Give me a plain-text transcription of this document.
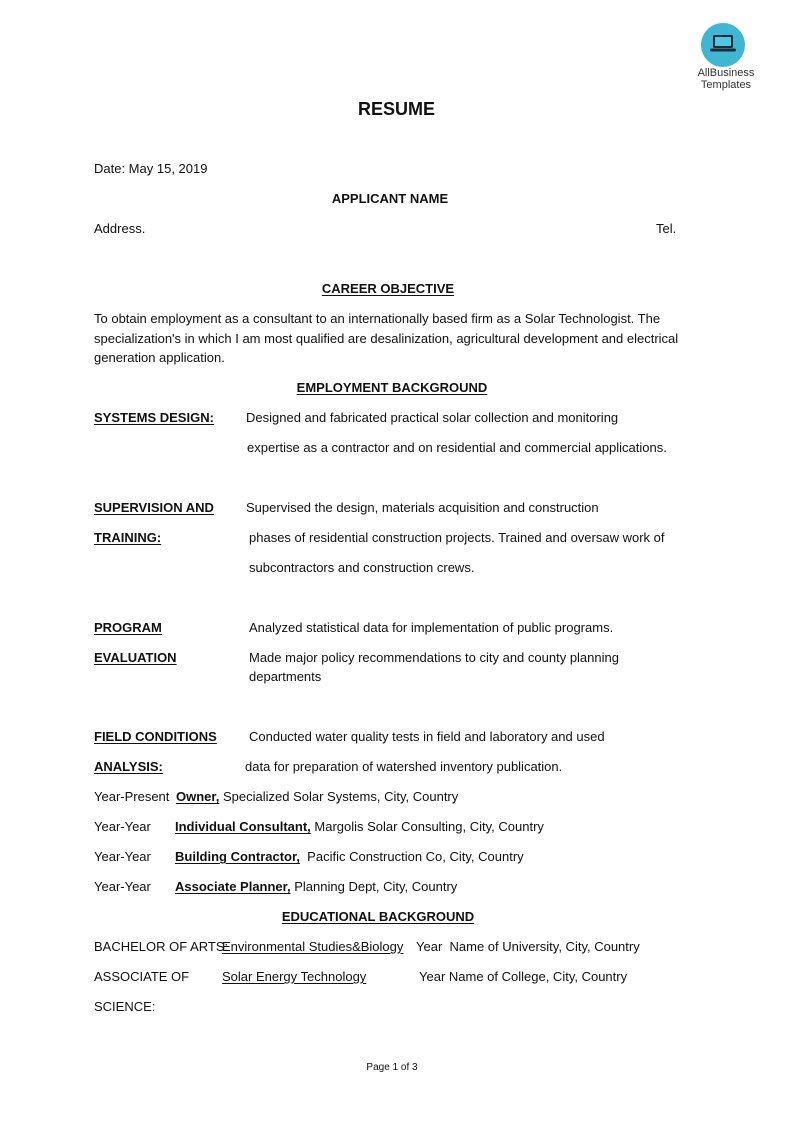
AllBusiness
Templates
RESUME
Date: May 15, 2019
APPLICANT NAME
Address.	Tel.
CAREER OBJECTIVE
To obtain employment as a consultant to an internationally based firm as a Solar Technologist. The specialization's in which I am most qualified are desalinization, agricultural development and electrical generation application.
EMPLOYMENT BACKGROUND
SYSTEMS DESIGN: Designed and fabricated practical solar collection and monitoring
expertise as a contractor and on residential and commercial applications.
SUPERVISION AND
TRAINING:
Supervised the design, materials acquisition and construction
phases of residential construction projects. Trained and oversaw work of
subcontractors and construction crews.
PROGRAM
EVALUATION
Analyzed statistical data for implementation of public programs.
Made major policy recommendations to city and county planning
departments
FIELD CONDITIONS
ANALYSIS:
Conducted water quality tests in field and laboratory and used
data for preparation of watershed inventory publication.
Year-Present Owner, Specialized Solar Systems, City, Country
Year-Year Individual Consultant, Margolis Solar Consulting, City, Country
Year-Year Building Contractor,  Pacific Construction Co, City, Country
Year-Year Associate Planner, Planning Dept, City, Country
EDUCATIONAL BACKGROUND
BACHELOR OF ARTS:
Environmental Studies&Biology Year  Name of University, City, Country
ASSOCIATE OF
SCIENCE:
Solar Energy Technology	Year Name of College, City, Country
Page 1 of 3
